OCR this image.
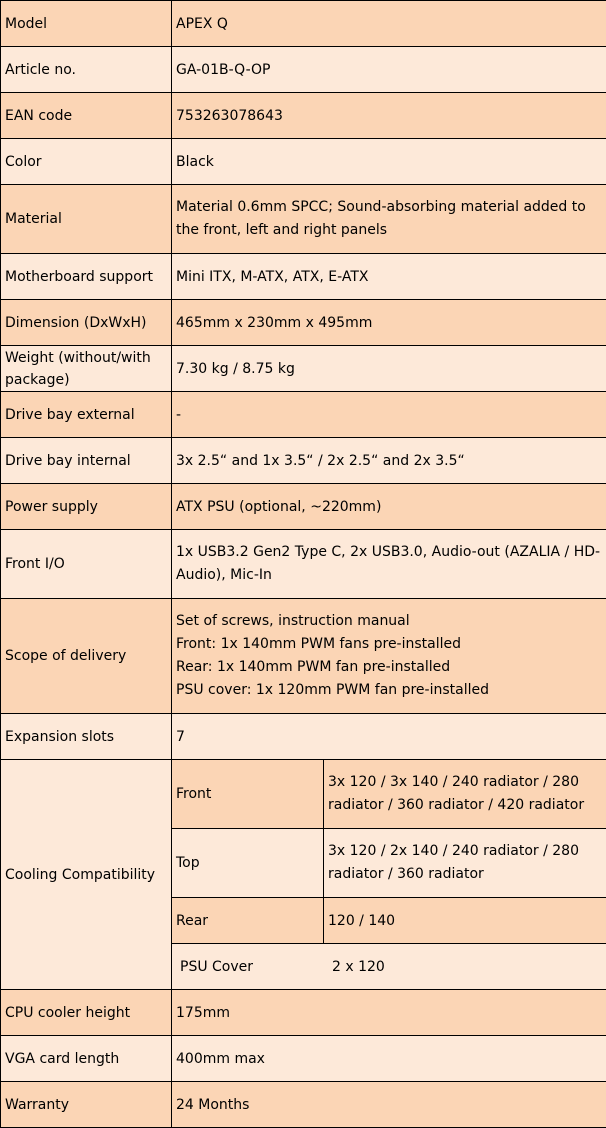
Model	APEX Q	
Article no.	GA-01B-Q-OP	
EAN code	753263078643	
Color	Black	
Material	Material 0.6mm SPCC; Sound-absorbing material added to the front, left and right panels	
Motherboard support	Mini ITX, M-ATX, ATX, E-ATX	
Dimension (DxWxH)	465mm x 230mm x 495mm	
Weight (without/with package)	7.30 kg / 8.75 kg	
Drive bay external	-	
Drive bay internal	3x 2.5“ and 1x 3.5“ / 2x 2.5“ and 2x 3.5“	
Power supply	ATX PSU (optional, ~220mm)	
Front I/O	1x USB3.2 Gen2 Type C, 2x USB3.0, Audio-out (AZALIA / HD-Audio), Mic-In	
Scope of delivery	Set of screws, instruction manual
Front: 1x 140mm PWM fans pre-installed
Rear: 1x 140mm PWM fan pre-installed
PSU cover: 1x 120mm PWM fan pre-installed	

Expansion slots	7	
Cooling Compatibility	Front	3x 120 / 3x 140 / 240 radiator / 280 radiator / 360 radiator / 420 radiator
	Top	3x 120 / 2x 140 / 240 radiator / 280 radiator / 360 radiator
	Rear	120 / 140

	PSU Cover 2 x 120	

CPU cooler height	175mm	
VGA card length	400mm max	
Warranty	24 Months	
